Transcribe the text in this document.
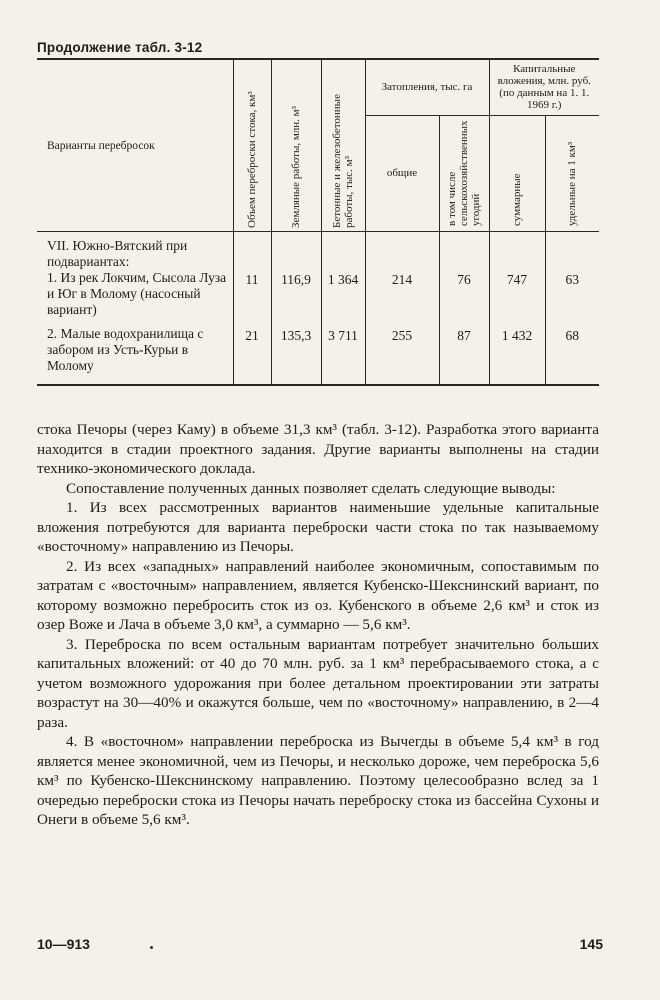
Продолжение табл. 3-12
Варианты перебросок	Объем переброски стока, км³	Земляные работы, млн. м³	Бетонные и железобетонные работы, тыс. м³	Затопления, тыс. га		Капитальные вложения, млн. руб. (по данным на 1. 1. 1969 г.)	
				общие	в том числе сельскохозяйственных угодий	суммарные	удельные на 1 км³
VII. Южно-Вятский при подвариантах:							
1. Из рек Локчим, Сысола Луза и Юг в Молому (насосный вариант)	11	116,9	1 364	214	76	747	63
2. Малые водохранилища с забором из Усть-Курьи в Молому	21	135,3	3 711	255	87	1 432	68

стока Печоры (через Каму) в объеме 31,3 км³ (табл. 3-12). Разработка этого варианта находится в стадии проектного задания. Другие варианты выполнены на стадии технико-экономического доклада.

Сопоставление полученных данных позволяет сделать следующие выводы:

1. Из всех рассмотренных вариантов наименьшие удельные капитальные вложения потребуются для варианта переброски части стока по так называемому «восточному» направлению из Печоры.

2. Из всех «западных» направлений наиболее экономичным, сопоставимым по затратам с «восточным» направлением, является Кубенско-Шекснинский вариант, по которому возможно перебросить сток из оз. Кубенского в объеме 2,6 км³ и сток из озер Воже и Лача в объеме 3,0 км³, а суммарно — 5,6 км³.

3. Переброска по всем остальным вариантам потребует значительно больших капитальных вложений: от 40 до 70 млн. руб. за 1 км³ перебрасываемого стока, а с учетом возможного удорожания при более детальном проектировании эти затраты возрастут на 30—40% и окажутся больше, чем по «восточному» направлению, в 2—4 раза.

4. В «восточном» направлении переброска из Вычегды в объеме 5,4 км³ в год является менее экономичной, чем из Печоры, и несколько дороже, чем переброска 5,6 км³ по Кубенско-Шекснинскому направлению. Поэтому целесообразно вслед за 1 очередью переброски стока из Печоры начать переброску стока из бассейна Сухоны и Онеги в объеме 5,6 км³.

10—913	145
